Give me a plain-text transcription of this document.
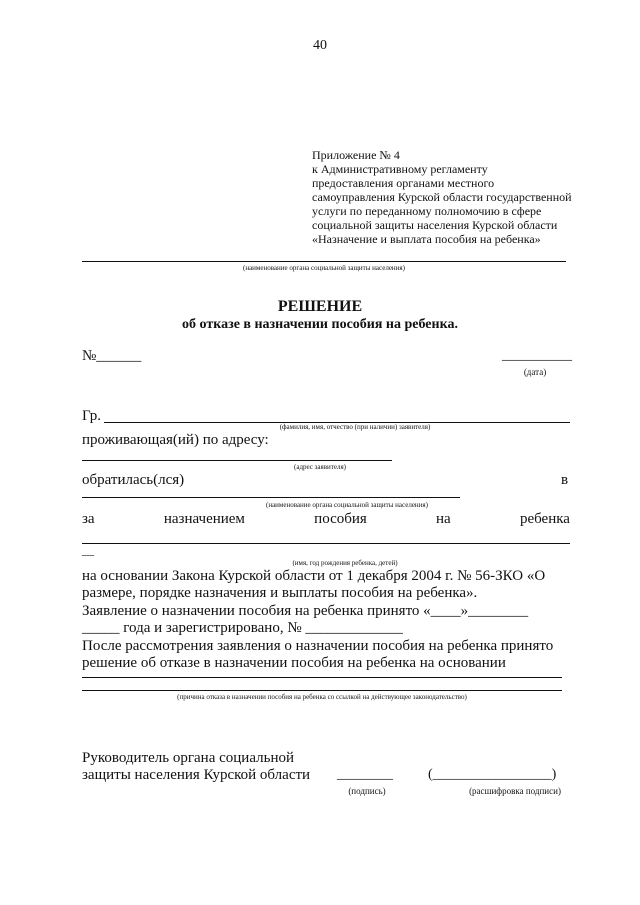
40
Приложение № 4
к Административному регламенту
предоставления органами местного
самоуправления Курской области государственной
услуги по переданному полномочию в сфере
социальной защиты населения Курской области
«Назначение и выплата пособия на ребенка»
(наименование органа социальной защиты населения)
РЕШЕНИЕ
об отказе в назначении пособия на ребенка.
№______	__________
(дата)
Гр.
(фамилия, имя, отчество (при наличии) заявителя)
проживающая(ий) по адресу:
(адрес заявителя)
обратилась(лся)	в
(наименование органа социальной защиты населения)
за	назначением	пособия	на	ребенка
—
(имя, год рождения ребенка, детей)
на основании Закона Курской области от 1 декабря 2004 г. № 56-ЗКО «О
размере, порядке назначения и выплаты пособия на ребенка».
Заявление о назначении пособия на ребенка принято «____»________
_____ года и зарегистрировано, № _____________
После рассмотрения заявления о назначении пособия на ребенка принято
решение об отказе в назначении пособия на ребенка на основании
(причина отказа в назначении пособия на ребенка со ссылкой на действующее законодательство)
Руководитель органа социальной
защиты населения Курской области ________	(_________________)
(подпись)	(расшифровка подписи)
